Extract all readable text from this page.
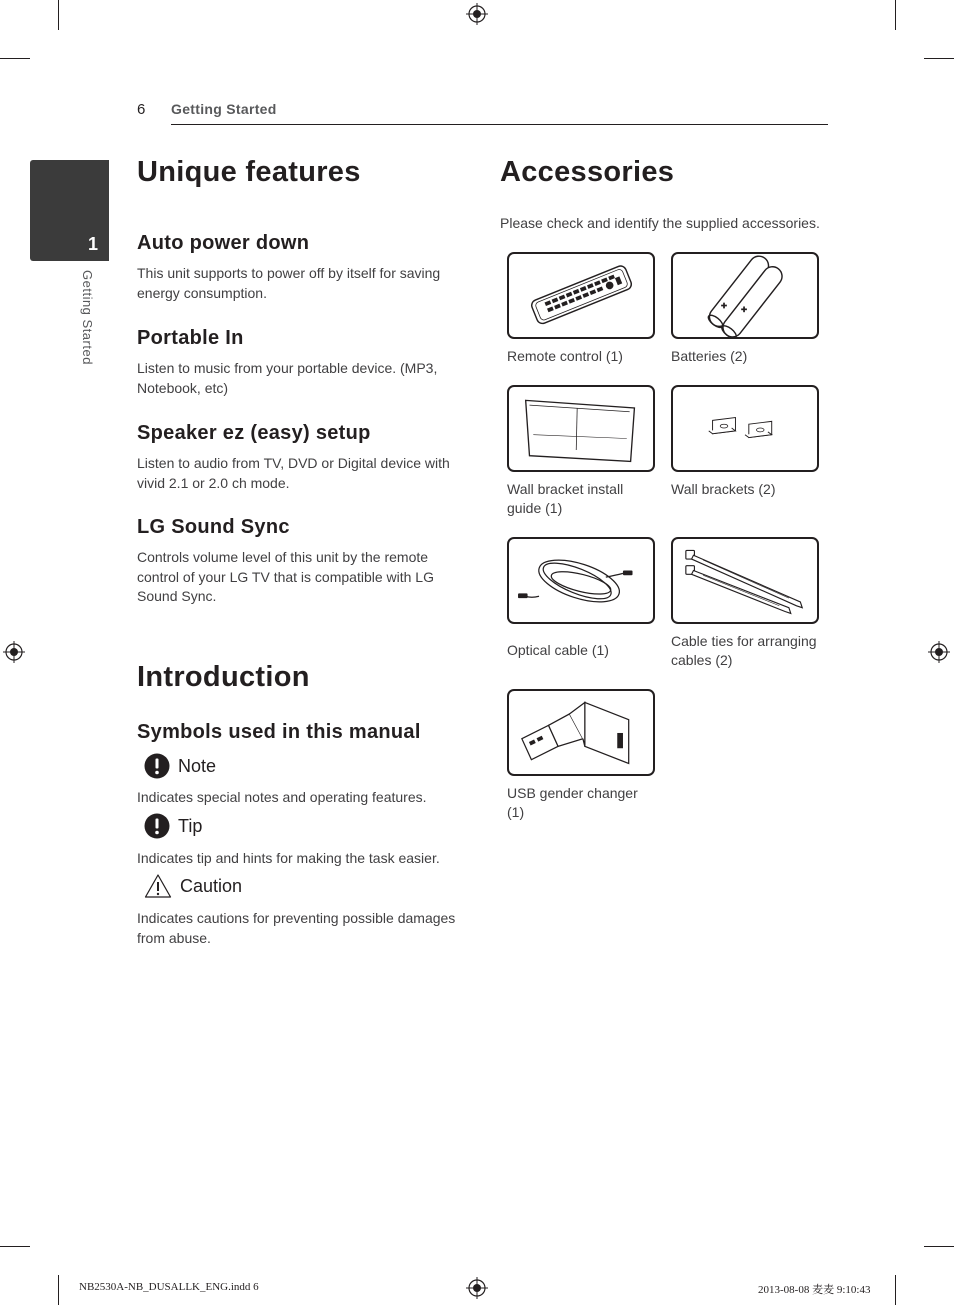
6 Getting Started
1
Getting Started
Unique features
Auto power down

This unit supports to power off by itself for saving energy consumption.

Portable In

Listen to music from your portable device. (MP3, Notebook, etc)

Speaker ez (easy) setup

Listen to audio from TV, DVD or Digital device with vivid 2.1 or 2.0 ch mode.

LG Sound Sync

Controls volume level of this unit by the remote control of your LG TV that is compatible with LG Sound Sync.

Introduction
Symbols used in this manual
Note

Indicates special notes and operating features.

Tip

Indicates tip and hints for making the task easier.

Caution

Indicates cautions for preventing possible damages from abuse.

Accessories

Please check and identify the supplied accessories.

Remote control (1)	Batteries (2)
Wall bracket install guide (1)
Wall brackets (2)
Optical cable (1)
Cable ties for arranging cables (2)
USB gender changer (1)
NB2530A-NB_DUSALLK_ENG.indd 6	2013-08-08 ⻨⻨ 9:10:43
